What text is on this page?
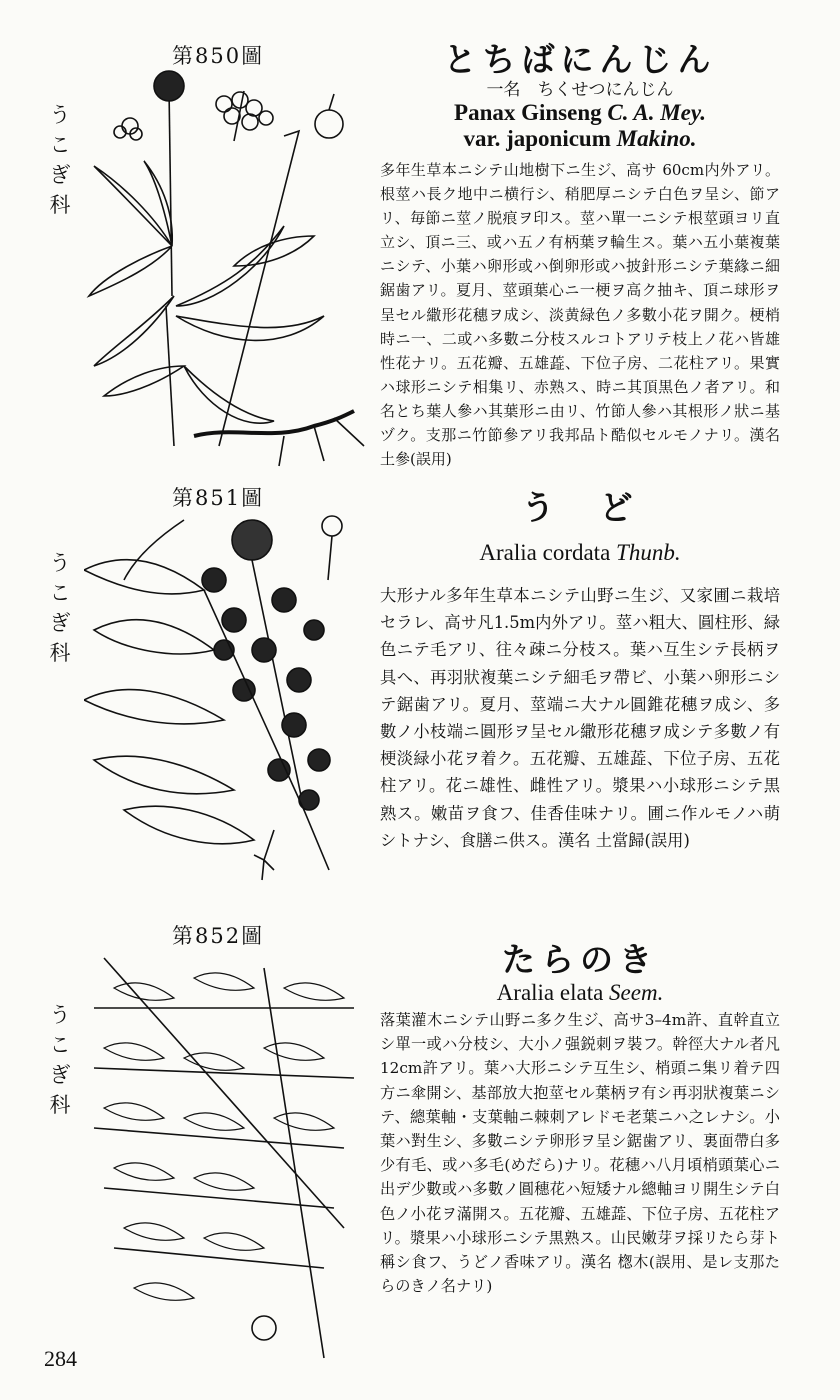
第850圖
う
こ
ぎ
科
とちばにんじん
一名　ちくせつにんじん
Panax Ginseng C. A. Mey.
var. japonicum Makino.
多年生草本ニシテ山地樹下ニ生ジ、高サ 60cm内外アリ。根莖ハ長ク地中ニ横行シ、稍肥厚ニシテ白色ヲ呈シ、節アリ、毎節ニ莖ノ脱痕ヲ印ス。莖ハ單一ニシテ根莖頭ヨリ直立シ、頂ニ三、或ハ五ノ有柄葉ヲ輪生ス。葉ハ五小葉複葉ニシテ、小葉ハ卵形或ハ倒卵形或ハ披針形ニシテ葉緣ニ細鋸歯アリ。夏月、莖頭葉心ニ一梗ヲ高ク抽キ、頂ニ球形ヲ呈セル繖形花穗ヲ成シ、淡黄緑色ノ多數小花ヲ開ク。梗梢時ニ一、二或ハ多數ニ分枝スルコトアリテ枝上ノ花ハ皆雄性花ナリ。五花瓣、五雄蕋、下位子房、二花柱アリ。果實ハ球形ニシテ相集リ、赤熟ス、時ニ其頂黒色ノ者アリ。和名とち葉人參ハ其葉形ニ由リ、竹節人參ハ其根形ノ狀ニ基ヅク。支那ニ竹節參アリ我邦品ト酷似セルモノナリ。漢名 土參(誤用)
第851圖
う
こ
ぎ
科
う　ど
Aralia cordata Thunb.
大形ナル多年生草本ニシテ山野ニ生ジ、又家圃ニ栽培セラレ、高サ凡1.5m内外アリ。莖ハ粗大、圓柱形、緑色ニテ毛アリ、往々疎ニ分枝ス。葉ハ互生シテ長柄ヲ具ヘ、再羽狀複葉ニシテ細毛ヲ帶ビ、小葉ハ卵形ニシテ鋸歯アリ。夏月、莖端ニ大ナル圓錐花穗ヲ成シ、多數ノ小枝端ニ圓形ヲ呈セル繖形花穗ヲ成シテ多數ノ有梗淡緑小花ヲ着ク。五花瓣、五雄蕋、下位子房、五花柱アリ。花ニ雄性、雌性アリ。漿果ハ小球形ニシテ黒熟ス。嫩苗ヲ食フ、佳香佳味ナリ。圃ニ作ルモノハ萌シトナシ、食膳ニ供ス。漢名 土當歸(誤用)
第852圖
う
こ
ぎ
科
たらのき
Aralia elata Seem.
落葉灌木ニシテ山野ニ多ク生ジ、高サ3–4m許、直幹直立シ單一或ハ分枝シ、大小ノ强鋭刺ヲ裝フ。幹徑大ナル者凡12cm許アリ。葉ハ大形ニシテ互生シ、梢頭ニ集リ着テ四方ニ傘開シ、基部放大抱莖セル葉柄ヲ有シ再羽狀複葉ニシテ、總葉軸・支葉軸ニ棘刺アレドモ老葉ニハ之レナシ。小葉ハ對生シ、多數ニシテ卵形ヲ呈シ鋸歯アリ、裏面帶白多少有毛、或ハ多毛(めだら)ナリ。花穗ハ八月頃梢頭葉心ニ出デ少數或ハ多數ノ圓穗花ハ短矮ナル總軸ヨリ開生シテ白色ノ小花ヲ滿開ス。五花瓣、五雄蕋、下位子房、五花柱アリ。漿果ハ小球形ニシテ黒熟ス。山民嫩芽ヲ採リたら芽ト稱シ食フ、うどノ香味アリ。漢名 楤木(誤用、是レ支那たらのきノ名ナリ)
284
